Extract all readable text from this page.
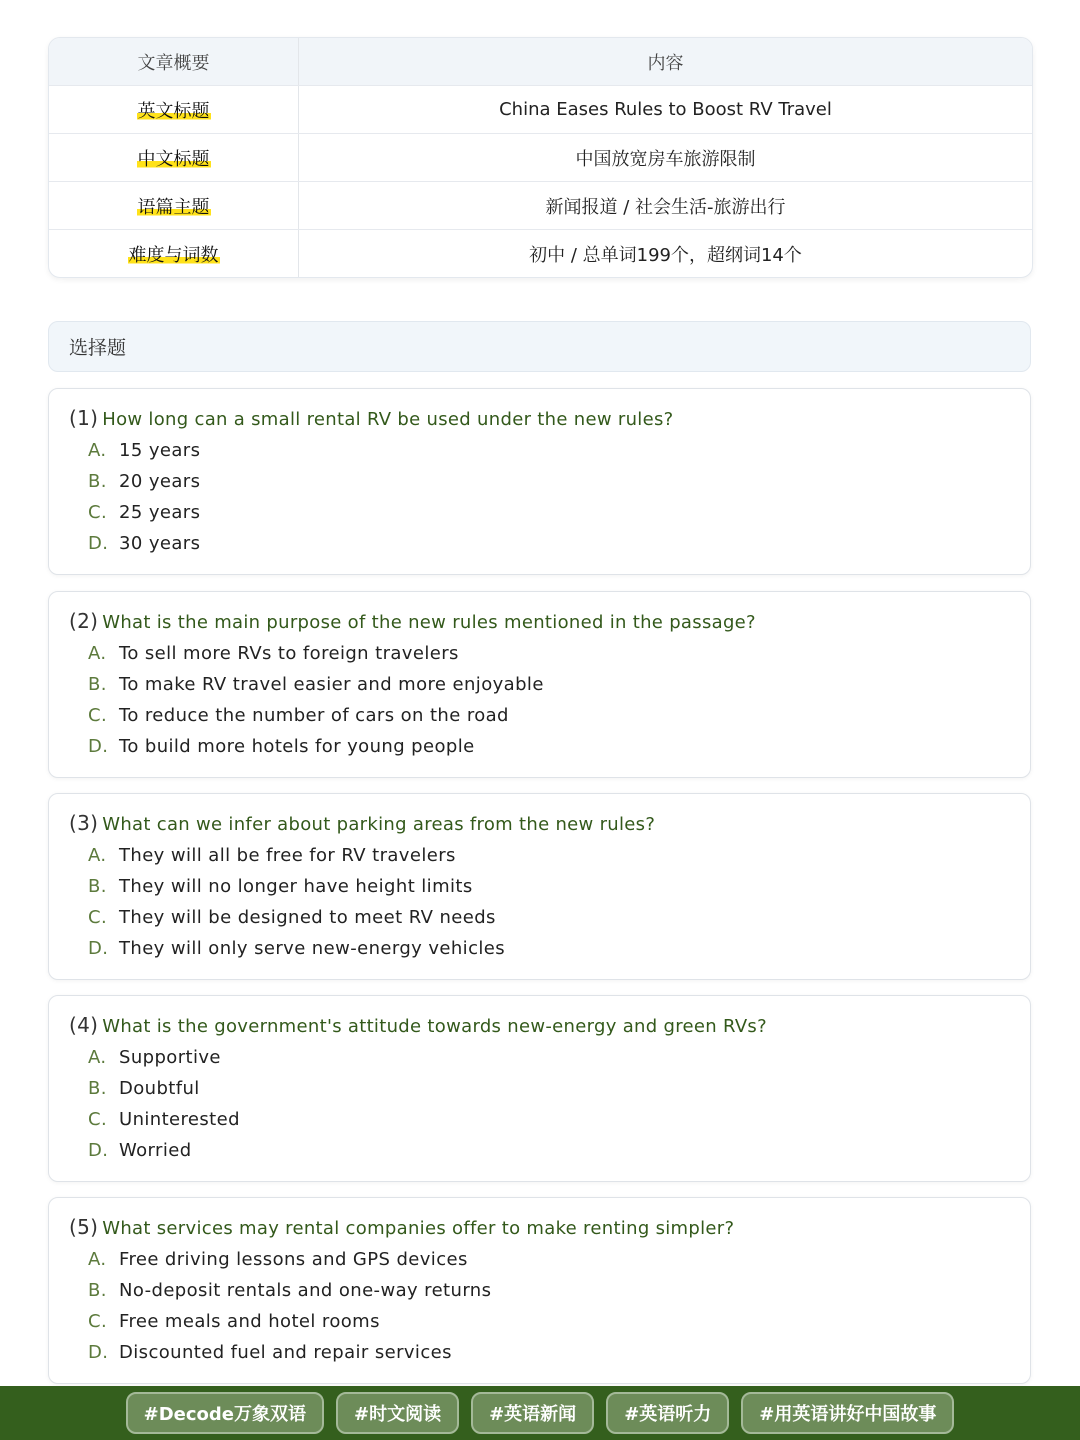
文章概要	内容
英文标题	China Eases Rules to Boost RV Travel
中文标题	中国放宽房车旅游限制
语篇主题	新闻报道 / 社会生活-旅游出行
难度与词数	初中 / 总单词199个，超纲词14个
选择题
(1) How long can a small rental RV be used under the new rules?
A. 15 years
B. 20 years
C. 25 years
D. 30 years
(2) What is the main purpose of the new rules mentioned in the passage?
A. To sell more RVs to foreign travelers
B. To make RV travel easier and more enjoyable
C. To reduce the number of cars on the road
D. To build more hotels for young people
(3) What can we infer about parking areas from the new rules?
A. They will all be free for RV travelers
B. They will no longer have height limits
C. They will be designed to meet RV needs
D. They will only serve new-energy vehicles
(4) What is the government's attitude towards new-energy and green RVs?
A. Supportive
B. Doubtful
C. Uninterested
D. Worried
(5) What services may rental companies offer to make renting simpler?
A. Free driving lessons and GPS devices
B. No-deposit rentals and one-way returns
C. Free meals and hotel rooms
D. Discounted fuel and repair services
#Decode万象双语	#时文阅读	#英语新闻	#英语听力	#用英语讲好中国故事
